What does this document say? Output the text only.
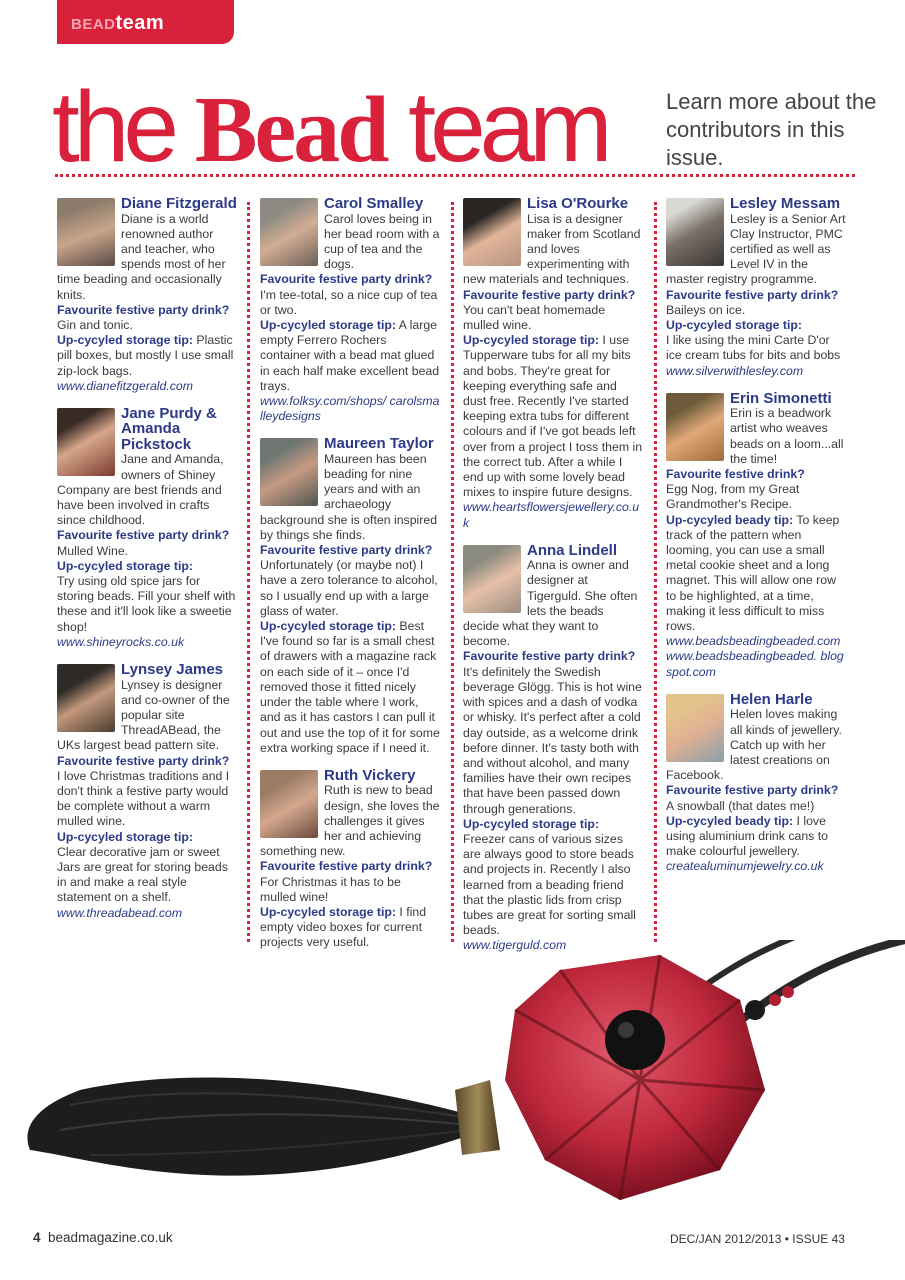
BEADteam
the Bead team	Learn more about the contributors in this issue.

Diane Fitzgerald
Diane is a world renowned author and teacher, who spends most of her time beading and occasionally knits.

Favourite festive party drink?

Gin and tonic.

Up-cycyled storage tip: Plastic pill boxes, but mostly I use small zip-lock bags.

www.dianefitzgerald.com

Jane Purdy & Amanda Pickstock
Jane and Amanda, owners of Shiney Company are best friends and have been involved in crafts since childhood.

Favourite festive party drink?

Mulled Wine.

Up-cycyled storage tip:

Try using old spice jars for storing beads. Fill your shelf with these and it'll look like a sweetie shop!

www.shineyrocks.co.uk

Lynsey James
Lynsey is designer and co-owner of the popular site ThreadABead, the UKs largest bead pattern site.

Favourite festive party drink?

I love Christmas traditions and I don't think a festive party would be complete without a warm mulled wine.

Up-cycyled storage tip:

Clear decorative jam or sweet Jars are great for storing beads in and make a real style statement on a shelf.

www.threadabead.com

Carol Smalley
Carol loves being in her bead room with a cup of tea and the dogs.

Favourite festive party drink?

I'm tee-total, so a nice cup of tea or two.

Up-cycyled storage tip: A large empty Ferrero Rochers container with a bead mat glued in each half make excellent bead trays.

www.folksy.com/shops/ carolsmalleydesigns

Maureen Taylor
Maureen has been beading for nine years and with an archaeology background she is often inspired by things she finds.

Favourite festive party drink?

Unfortunately (or maybe not) I have a zero tolerance to alcohol, so I usually end up with a large glass of water.

Up-cycyled storage tip: Best I've found so far is a small chest of drawers with a magazine rack on each side of it – once I'd removed those it fitted nicely under the table where I work, and as it has castors I can pull it out and use the top of it for some extra working space if I need it.

Ruth Vickery
Ruth is new to bead design, she loves the challenges it gives her and achieving something new.

Favourite festive party drink?

For Christmas it has to be mulled wine!

Up-cycyled storage tip: I find empty video boxes for current projects very useful.

Lisa O'Rourke
Lisa is a designer maker from Scotland and loves experimenting with new materials and techniques.

Favourite festive party drink?

You can't beat homemade mulled wine.

Up-cycyled storage tip: I use Tupperware tubs for all my bits and bobs. They're great for keeping everything safe and dust free. Recently I've started keeping extra tubs for different colours and if I've got beads left over from a project I toss them in the correct tub. After a while I end up with some lovely bead mixes to inspire future designs.

www.heartsflowersjewellery.co.uk

Anna Lindell
Anna is owner and designer at Tigerguld. She often lets the beads decide what they want to become.

Favourite festive party drink?

It's definitely the Swedish beverage Glögg. This is hot wine with spices and a dash of vodka or whisky. It's perfect after a cold day outside, as a welcome drink before dinner. It's tasty both with and without alcohol, and many families have their own recipes that have been passed down through generations.

Up-cycyled storage tip: Freezer cans of various sizes are always good to store beads and projects in. Recently I also learned from a beading friend that the plastic lids from crisp tubes are great for sorting small beads.

www.tigerguld.com

Lesley Messam
Lesley is a Senior Art Clay Instructor, PMC certified as well as Level IV in the master registry programme.

Favourite festive party drink?

Baileys on ice.

Up-cycyled storage tip:

I like using the mini Carte D'or ice cream tubs for bits and bobs

www.silverwithlesley.com

Erin Simonetti
Erin is a beadwork artist who weaves beads on a loom...all the time!

Favourite festive drink?

Egg Nog, from my Great Grandmother's Recipe.

Up-cycyled beady tip: To keep track of the pattern when looming, you can use a small metal cookie sheet and a long magnet. This will allow one row to be highlighted, at a time, making it less difficult to miss rows.

www.beadsbeadingbeaded.com www.beadsbeadingbeaded. blogspot.com

Helen Harle
Helen loves making all kinds of jewellery. Catch up with her latest creations on Facebook.

Favourite festive party drink?

A snowball (that dates me!)

Up-cycyled beady tip: I love using aluminium drink cans to make colourful jewellery.

createaluminumjewelry.co.uk

4 beadmagazine.co.uk	DEC/JAN 2012/2013 • ISSUE 43
